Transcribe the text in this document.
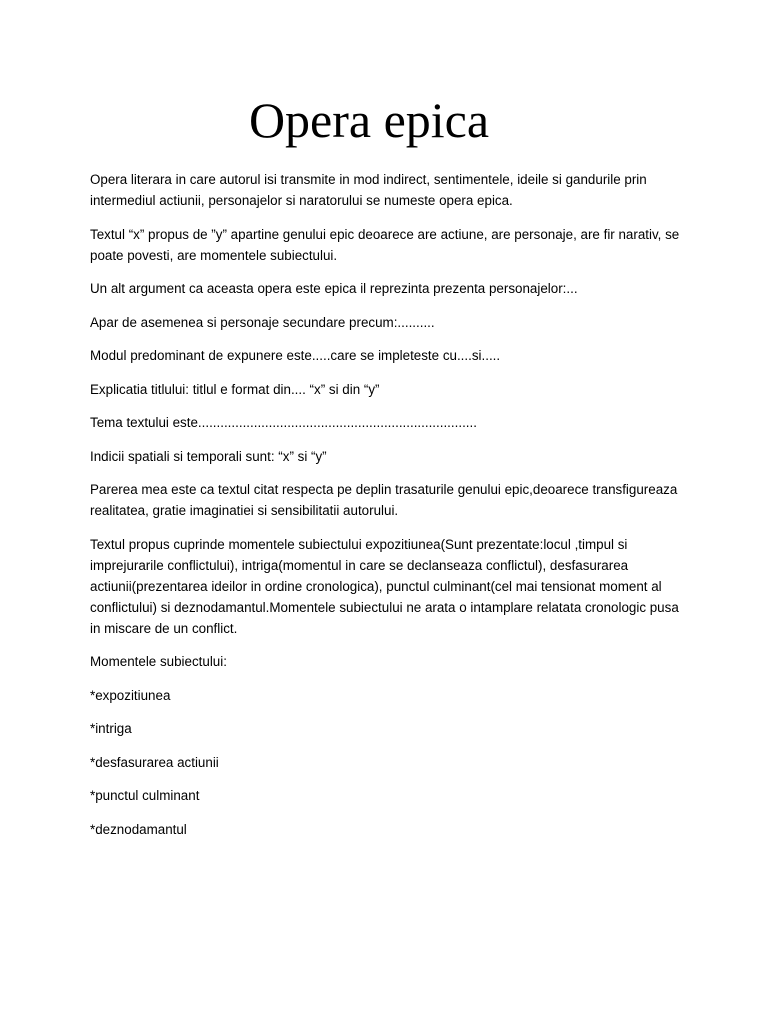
Opera epica

Opera literara in care autorul isi transmite in mod indirect, sentimentele, ideile si gandurile prin intermediul actiunii, personajelor si naratorului se numeste opera epica.

Textul “x” propus de ”y” apartine genului epic deoarece are actiune, are personaje, are fir narativ, se poate povesti, are momentele subiectului.

Un alt argument ca aceasta opera este epica il reprezinta prezenta personajelor:...

Apar de asemenea si personaje secundare precum:..........

Modul predominant de expunere este.....care se impleteste cu....si.....

Explicatia titlului: titlul e format din.... “x” si din “y”

Tema textului este...........................................................................

Indicii spatiali si temporali sunt: “x” si “y”

Parerea mea este ca textul citat respecta pe deplin trasaturile genului epic,deoarece transfigureaza realitatea, gratie imaginatiei si sensibilitatii autorului.

Textul propus cuprinde momentele subiectului expozitiunea(Sunt prezentate:locul ,timpul si imprejurarile conflictului), intriga(momentul in care se declanseaza conflictul), desfasurarea actiunii(prezentarea ideilor in ordine cronologica), punctul culminant(cel mai tensionat moment al conflictului) si deznodamantul.Momentele subiectului ne arata o intamplare relatata cronologic pusa in miscare de un conflict.

Momentele subiectului:

*expozitiunea

*intriga

*desfasurarea actiunii

*punctul culminant

*deznodamantul
